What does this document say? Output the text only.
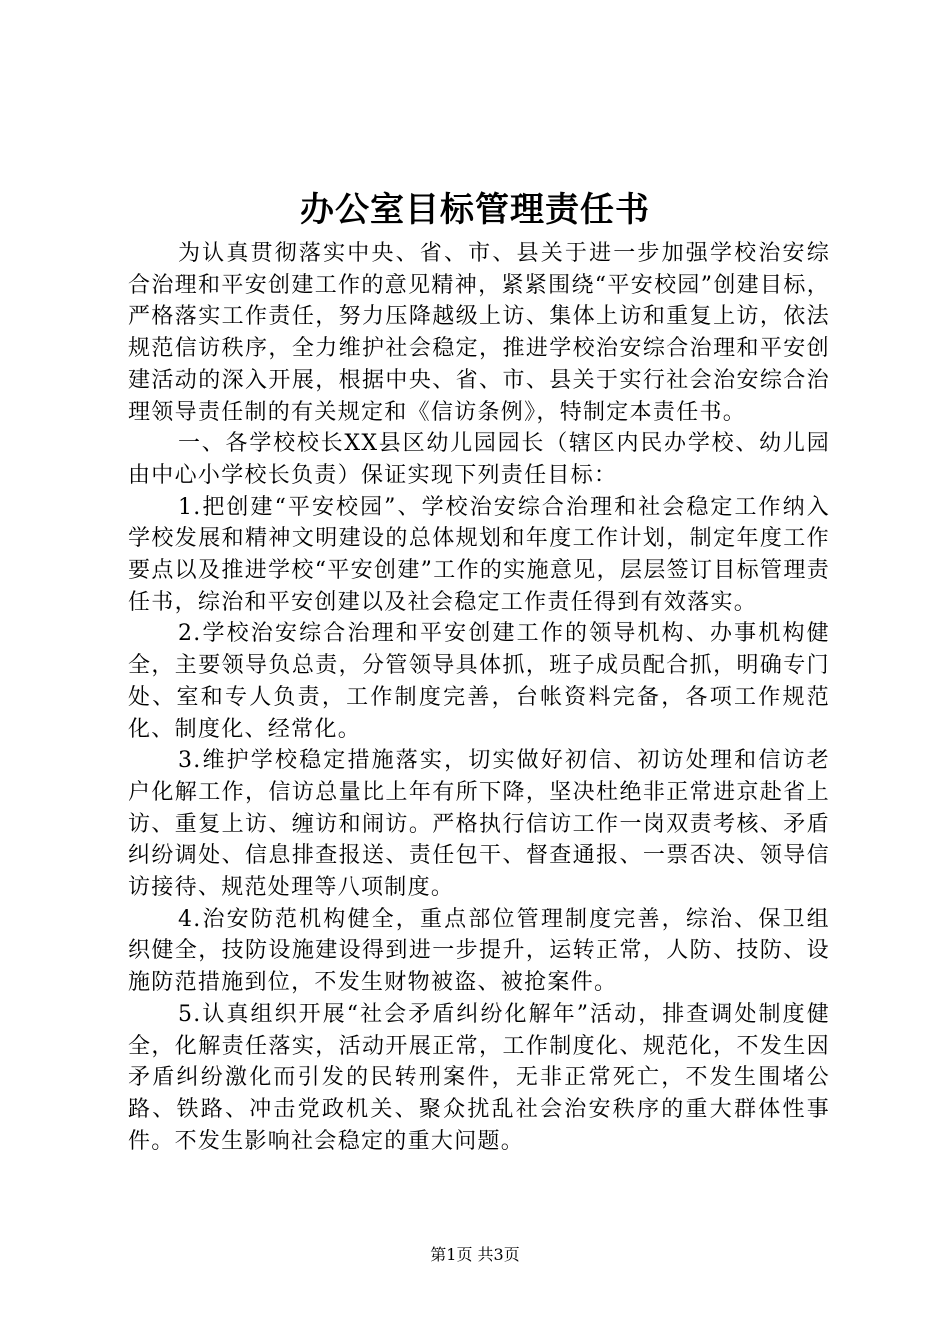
办公室目标管理责任书

为认真贯彻落实中央、省、市、县关于进一步加强学校治安综合治理和平安创建工作的意见精神，紧紧围绕“平安校园”创建目标，严格落实工作责任，努力压降越级上访、集体上访和重复上访，依法规范信访秩序，全力维护社会稳定，推进学校治安综合治理和平安创建活动的深入开展，根据中央、省、市、县关于实行社会治安综合治理领导责任制的有关规定和《信访条例》，特制定本责任书。

一、各学校校长XX县区幼儿园园长（辖区内民办学校、幼儿园由中心小学校长负责）保证实现下列责任目标：

1.把创建“平安校园”、学校治安综合治理和社会稳定工作纳入学校发展和精神文明建设的总体规划和年度工作计划，制定年度工作要点以及推进学校“平安创建”工作的实施意见，层层签订目标管理责任书，综治和平安创建以及社会稳定工作责任得到有效落实。

2.学校治安综合治理和平安创建工作的领导机构、办事机构健全，主要领导负总责，分管领导具体抓，班子成员配合抓，明确专门处、室和专人负责，工作制度完善，台帐资料完备，各项工作规范化、制度化、经常化。

3.维护学校稳定措施落实，切实做好初信、初访处理和信访老户化解工作，信访总量比上年有所下降，坚决杜绝非正常进京赴省上访、重复上访、缠访和闹访。严格执行信访工作一岗双责考核、矛盾纠纷调处、信息排查报送、责任包干、督查通报、一票否决、领导信访接待、规范处理等八项制度。

4.治安防范机构健全，重点部位管理制度完善，综治、保卫组织健全，技防设施建设得到进一步提升，运转正常，人防、技防、设施防范措施到位，不发生财物被盗、被抢案件。

5.认真组织开展“社会矛盾纠纷化解年”活动，排查调处制度健全，化解责任落实，活动开展正常，工作制度化、规范化，不发生因矛盾纠纷激化而引发的民转刑案件，无非正常死亡，不发生围堵公路、铁路、冲击党政机关、聚众扰乱社会治安秩序的重大群体性事件。不发生影响社会稳定的重大问题。

第1页 共3页
